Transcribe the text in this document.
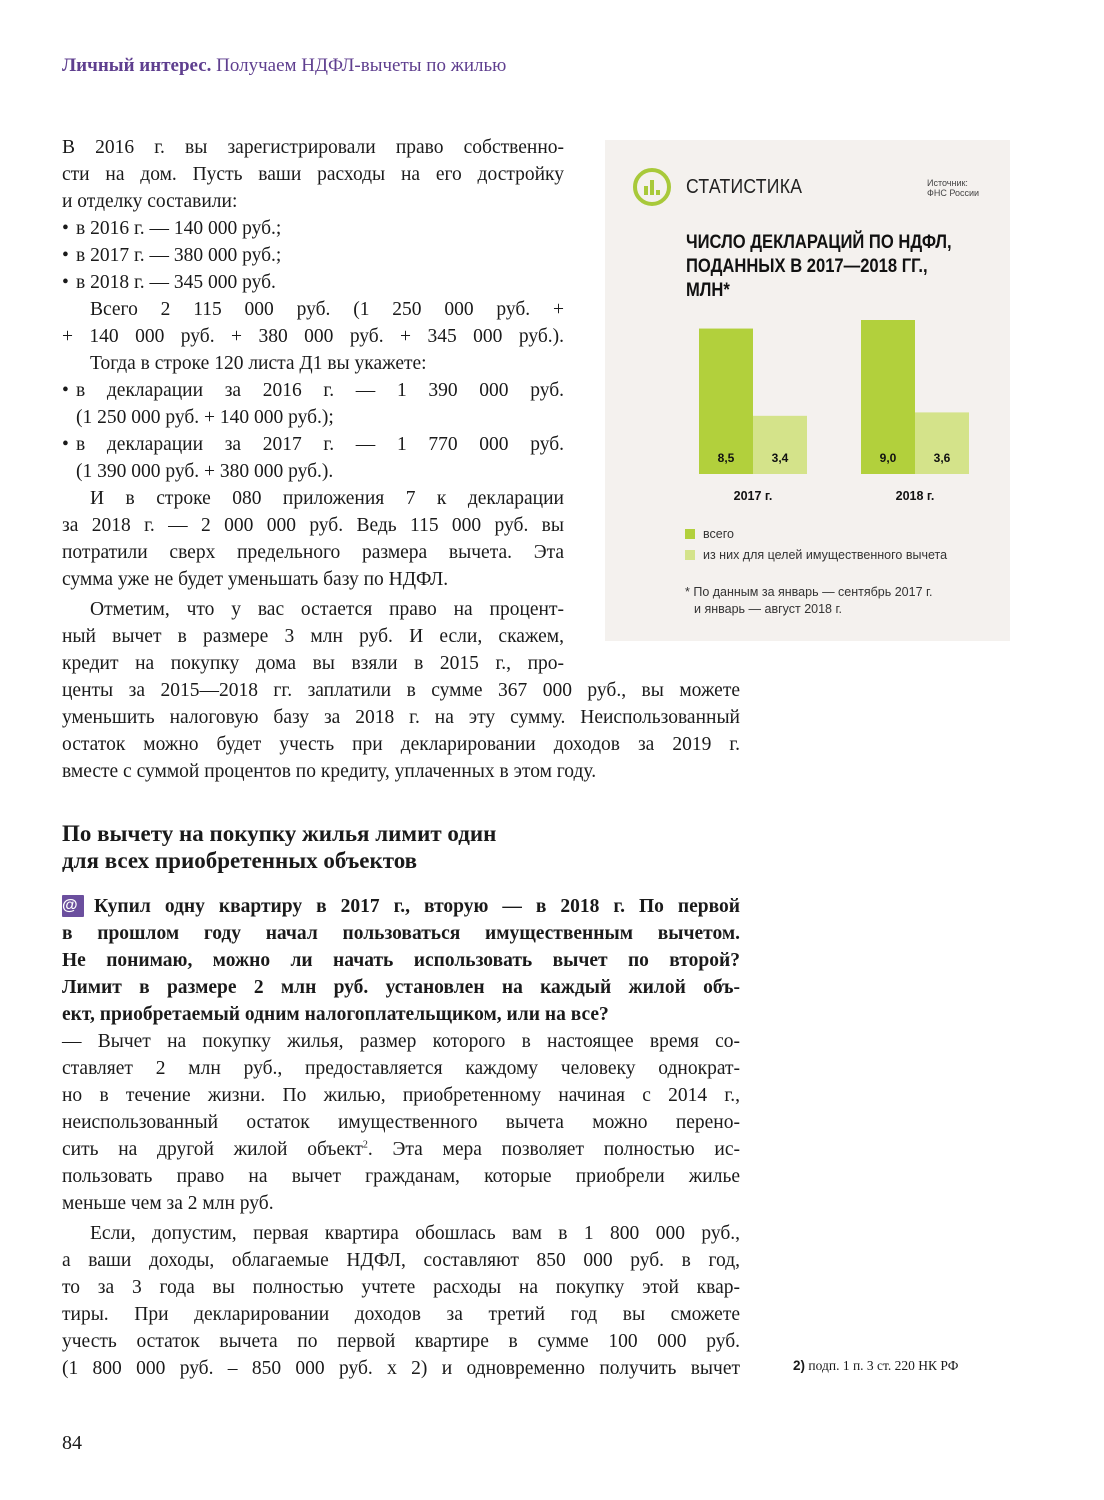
Личный интерес. Получаем НДФЛ-вычеты по жилью
В 2016 г. вы зарегистрировали право собственно-
сти на дом. Пусть ваши расходы на его достройку
и отделку составили:
• в 2016 г. — 140 000 руб.;
• в 2017 г. — 380 000 руб.;
• в 2018 г. — 345 000 руб.
Всего 2 115 000 руб. (1 250 000 руб. +
+ 140 000 руб. + 380 000 руб. + 345 000 руб.).
Тогда в строке 120 листа Д1 вы укажете:
• в декларации за 2016 г. — 1 390 000 руб.
(1 250 000 руб. + 140 000 руб.);
• в декларации за 2017 г. — 1 770 000 руб.
(1 390 000 руб. + 380 000 руб.).
И в строке 080 приложения 7 к декларации
за 2018 г. — 2 000 000 руб. Ведь 115 000 руб. вы
потратили сверх предельного размера вычета. Эта
сумма уже не будет уменьшать базу по НДФЛ.
Отметим, что у вас остается право на процент-
ный вычет в размере 3 млн руб. И если, скажем,
кредит на покупку дома вы взяли в 2015 г., про-
центы за 2015—2018 гг. заплатили в сумме 367 000 руб., вы можете
уменьшить налоговую базу за 2018 г. на эту сумму. Неиспользованный
остаток можно будет учесть при декларировании доходов за 2019 г.
вместе с суммой процентов по кредиту, уплаченных в этом году.
По вычету на покупку жилья лимит один
для всех приобретенных объектов
@ Купил одну квартиру в 2017 г., вторую — в 2018 г. По первой
в прошлом году начал пользоваться имущественным вычетом.
Не понимаю, можно ли начать использовать вычет по второй?
Лимит в размере 2 млн руб. установлен на каждый жилой объ-
ект, приобретаемый одним налогоплательщиком, или на все?
— Вычет на покупку жилья, размер которого в настоящее время со-
ставляет 2 млн руб., предоставляется каждому человеку однократ-
но в течение жизни. По жилью, приобретенному начиная с 2014 г.,
неиспользованный остаток имущественного вычета можно перено-
сить на другой жилой объект$^2$. Эта мера позволяет полностью ис-
пользовать право на вычет гражданам, которые приобрели жилье
меньше чем за 2 млн руб.
Если, допустим, первая квартира обошлась вам в 1 800 000 руб.,
а ваши доходы, облагаемые НДФЛ, составляют 850 000 руб. в год,
то за 3 года вы полностью учтете расходы на покупку этой квар-
тиры. При декларировании доходов за третий год вы сможете
учесть остаток вычета по первой квартире в сумме 100 000 руб.
(1 800 000 руб. – 850 000 руб. х 2) и одновременно получить вычет
СТАТИСТИКА	Источник:
ФНС России
ЧИСЛО ДЕКЛАРАЦИЙ ПО НДФЛ,
ПОДАННЫХ В 2017—2018 ГГ.,
МЛН*
8,5	3,4
2017 г.
9,0	3,6
2018 г.
всего
из них для целей имущественного вычета
* По данным за январь — сентябрь 2017 г.
и январь — август 2018 г.
2) подп. 1 п. 3 ст. 220 НК РФ
84
